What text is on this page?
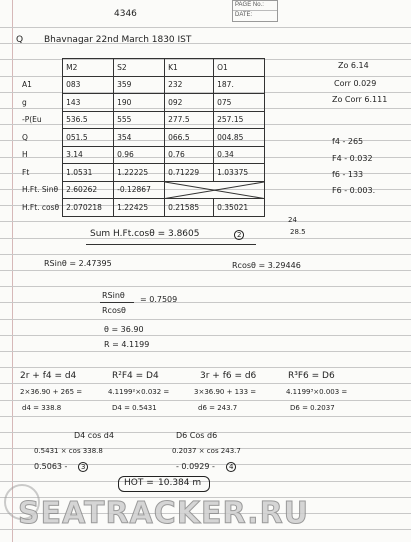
PAGE No.:
DATE:
4346
Q Bhavnagar 22nd March 1830 IST
	M2	S2	K1	O1
A1	083	359	232	187.
g	143	190	092	075
-P(Eu	536.5	555	277.5	257.15
Q	051.5	354	066.5	004.85
H	3.14	0.96	0.76	0.34
Ft	1.0531	1.22225	0.71229	1.03375
H.Ft. Sinθ	2.60262	-0.12867	

H.Ft. cosθ	2.070218	1.22425	0.21585	0.35021
Zo 6.14
Corr 0.029
Zo Corr 6.111
f4 - 265
F4 - 0.032
f6 - 133
F6 - 0.003.
24
28.5
Sum H.Ft.cosθ = 3.8605	2
RSinθ = 2.47395	Rcosθ = 3.29446
RSinθ
Rcosθ
= 0.7509
θ = 36.90
R = 4.1199
2r + f4 = d4	R²F4 = D4	3r + f6 = d6	R³F6 = D6
2×36.90 + 265 =	4.1199²×0.032 =	3×36.90 + 133 =	4.1199³×0.003 =
d4 = 338.8	D4 = 0.5431	d6 = 243.7	D6 = 0.2037
D4 cos d4	D6 Cos d6
0.5431 × cos 338.8	0.2037 × cos 243.7
0.5063 -	3	- 0.0929 -	4
HOT = 10.384 m
SEATRACKER.RU
